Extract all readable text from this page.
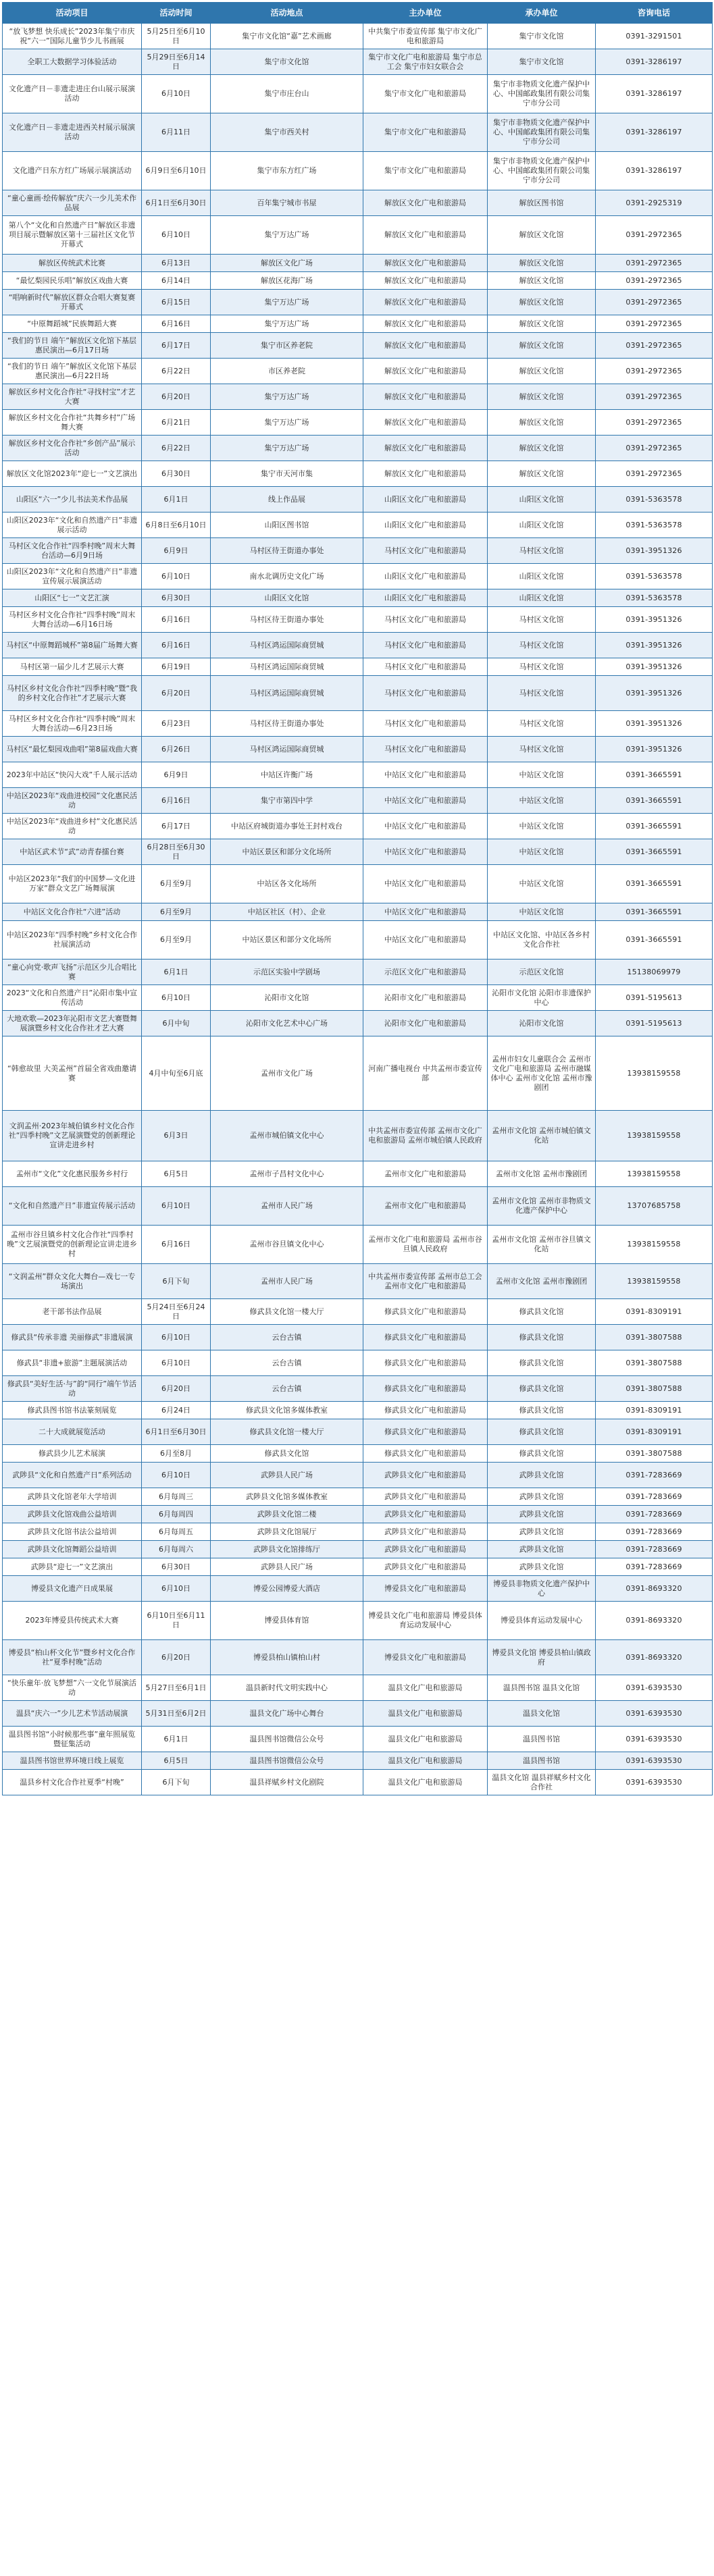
活动项目	活动时间	活动地点	主办单位	承办单位	咨询电话
“放飞梦想 快乐成长”2023年集宁市庆祝“六一”国际儿童节少儿书画展	5月25日至6月10日	集宁市文化馆“嘉”艺术画廊	中共集宁市委宣传部 集宁市文化广电和旅游局	集宁市文化馆	0391-3291501
全职工大数据学习体验活动	5月29日至6月14日	集宁市文化馆	集宁市文化广电和旅游局 集宁市总工会 集宁市妇女联合会	集宁市文化馆	0391-3286197
文化遗产日－非遗走进庄台山展示展演活动	6月10日	集宁市庄台山	集宁市文化广电和旅游局	集宁市非物质文化遗产保护中心、中国邮政集团有限公司集宁市分公司	0391-3286197
文化遗产日－非遗走进西关村展示展演活动	6月11日	集宁市西关村	集宁市文化广电和旅游局	集宁市非物质文化遗产保护中心、中国邮政集团有限公司集宁市分公司	0391-3286197
文化遗产日东方红广场展示展演活动	6月9日至6月10日	集宁市东方红广场	集宁市文化广电和旅游局	集宁市非物质文化遗产保护中心、中国邮政集团有限公司集宁市分公司	0391-3286197
“童心童画·绘传解放”庆六一少儿美术作品展	6月1日至6月30日	百年集宁城市书屋	解放区文化广电和旅游局	解放区图书馆	0391-2925319
第八个“文化和自然遗产日”解放区非遗项目展示暨解放区第十三届社区文化节开幕式	6月10日	集宁万达广场	解放区文化广电和旅游局	解放区文化馆	0391-2972365
解放区传统武术比赛	6月13日	解放区文化广场	解放区文化广电和旅游局	解放区文化馆	0391-2972365
“最忆梨园民乐唱”解放区戏曲大赛	6月14日	解放区花海广场	解放区文化广电和旅游局	解放区文化馆	0391-2972365
“唱响新时代”解放区群众合唱大赛复赛开幕式	6月15日	集宁万达广场	解放区文化广电和旅游局	解放区文化馆	0391-2972365
“中原舞蹈城”民族舞蹈大赛	6月16日	集宁万达广场	解放区文化广电和旅游局	解放区文化馆	0391-2972365
“我们的节日 端午”解放区文化馆下基层惠民演出—6月17日场	6月17日	集宁市区养老院	解放区文化广电和旅游局	解放区文化馆	0391-2972365
“我们的节日 端午”解放区文化馆下基层惠民演出—6月22日场	6月22日	市区养老院	解放区文化广电和旅游局	解放区文化馆	0391-2972365
解放区乡村文化合作社“寻找村宝”才艺大赛	6月20日	集宁万达广场	解放区文化广电和旅游局	解放区文化馆	0391-2972365
解放区乡村文化合作社“共舞乡村”广场舞大赛	6月21日	集宁万达广场	解放区文化广电和旅游局	解放区文化馆	0391-2972365
解放区乡村文化合作社“乡创产品”展示活动	6月22日	集宁万达广场	解放区文化广电和旅游局	解放区文化馆	0391-2972365
解放区文化馆2023年“迎七一”文艺演出	6月30日	集宁市天河市集	解放区文化广电和旅游局	解放区文化馆	0391-2972365
山阳区“六一”少儿书法美术作品展	6月1日	线上作品展	山阳区文化广电和旅游局	山阳区文化馆	0391-5363578
山阳区2023年“文化和自然遗产日”非遗展示活动	6月8日至6月10日	山阳区图书馆	山阳区文化广电和旅游局	山阳区文化馆	0391-5363578
马村区文化合作社“四季村晚”周末大舞台活动—6月9日场	6月9日	马村区待王街道办事处	马村区文化广电和旅游局	马村区文化馆	0391-3951326
山阳区2023年“文化和自然遗产日”非遗宣传展示展演活动	6月10日	南水北调历史文化广场	山阳区文化广电和旅游局	山阳区文化馆	0391-5363578
山阳区“七一”文艺汇演	6月30日	山阳区文化馆	山阳区文化广电和旅游局	山阳区文化馆	0391-5363578
马村区乡村文化合作社“四季村晚”周末大舞台活动—6月16日场	6月16日	马村区待王街道办事处	马村区文化广电和旅游局	马村区文化馆	0391-3951326
马村区“中原舞蹈城杯”第8届广场舞大赛	6月16日	马村区鸿运国际商贸城	马村区文化广电和旅游局	马村区文化馆	0391-3951326
马村区第一届少儿才艺展示大赛	6月19日	马村区鸿运国际商贸城	马村区文化广电和旅游局	马村区文化馆	0391-3951326
马村区乡村文化合作社“四季村晚”暨“我的乡村文化合作社”才艺展示大赛	6月20日	马村区鸿运国际商贸城	马村区文化广电和旅游局	马村区文化馆	0391-3951326
马村区乡村文化合作社“四季村晚”周末大舞台活动—6月23日场	6月23日	马村区待王街道办事处	马村区文化广电和旅游局	马村区文化馆	0391-3951326
马村区“最忆梨园戏曲唱”第8届戏曲大赛	6月26日	马村区鸿运国际商贸城	马村区文化广电和旅游局	马村区文化馆	0391-3951326
2023年中站区“快闪大戏”千人展示活动	6月9日	中站区许衡广场	中站区文化广电和旅游局	中站区文化馆	0391-3665591
中站区2023年“戏曲进校园”文化惠民活动	6月16日	集宁市第四中学	中站区文化广电和旅游局	中站区文化馆	0391-3665591
中站区2023年“戏曲进乡村”文化惠民活动	6月17日	中站区府城街道办事处王封村戏台	中站区文化广电和旅游局	中站区文化馆	0391-3665591
中站区武术节“武”动青春擂台赛	6月28日至6月30日	中站区景区和部分文化场所	中站区文化广电和旅游局	中站区文化馆	0391-3665591
中站区2023年“我们的中国梦—文化进万家”群众文艺广场舞展演	6月至9月	中站区各文化场所	中站区文化广电和旅游局	中站区文化馆	0391-3665591
中站区文化合作社“六进”活动	6月至9月	中站区社区（村）、企业	中站区文化广电和旅游局	中站区文化馆	0391-3665591
中站区2023年“四季村晚”乡村文化合作社展演活动	6月至9月	中站区景区和部分文化场所	中站区文化广电和旅游局	中站区文化馆、中站区各乡村文化合作社	0391-3665591
“童心向党·歌声飞扬”示范区少儿合唱比赛	6月1日	示范区实验中学剧场	示范区文化广电和旅游局	示范区文化馆	15138069979
2023“文化和自然遗产日”沁阳市集中宣传活动	6月10日	沁阳市文化馆	沁阳市文化广电和旅游局	沁阳市文化馆 沁阳市非遗保护中心	0391-5195613
大地欢歌—2023年沁阳市文艺大赛暨舞展演暨乡村文化合作社才艺大赛	6月中旬	沁阳市文化艺术中心广场	沁阳市文化广电和旅游局	沁阳市文化馆	0391-5195613
“韩愈故里 大美孟州”首届全省戏曲邀请赛	4月中旬至6月底	孟州市文化广场	河南广播电视台 中共孟州市委宣传部	孟州市妇女儿童联合会 孟州市文化广电和旅游局 孟州市融媒体中心 孟州市文化馆 孟州市豫剧团	13938159558
文润孟州·2023年城伯镇乡村文化合作社“四季村晚”文艺展演暨党的创新理论宣讲走进乡村	6月3日	孟州市城伯镇文化中心	中共孟州市委宣传部 孟州市文化广电和旅游局 孟州市城伯镇人民政府	孟州市文化馆 孟州市城伯镇文化站	13938159558
孟州市“文化”文化惠民服务乡村行	6月5日	孟州市子昌村文化中心	孟州市文化广电和旅游局	孟州市文化馆 孟州市豫剧团	13938159558
“文化和自然遗产日”非遗宣传展示活动	6月10日	孟州市人民广场	孟州市文化广电和旅游局	孟州市文化馆 孟州市非物质文化遗产保护中心	13707685758
孟州市谷旦镇乡村文化合作社“四季村晚”文艺展演暨党的创新理论宣讲走进乡村	6月16日	孟州市谷旦镇文化中心	孟州市文化广电和旅游局 孟州市谷旦镇人民政府	孟州市文化馆 孟州市谷旦镇文化站	13938159558
“文润孟州”群众文化大舞台—戏七一专场演出	6月下旬	孟州市人民广场	中共孟州市委宣传部 孟州市总工会 孟州市文化广电和旅游局	孟州市文化馆 孟州市豫剧团	13938159558
老干部书法作品展	5月24日至6月24日	修武县文化馆一楼大厅	修武县文化广电和旅游局	修武县文化馆	0391-8309191
修武县“传承非遗 美丽修武”非遗展演	6月10日	云台古镇	修武县文化广电和旅游局	修武县文化馆	0391-3807588
修武县“非遗+旅游”主题展演活动	6月10日	云台古镇	修武县文化广电和旅游局	修武县文化馆	0391-3807588
修武县“美好生活·与”韵“同行”端午节活动	6月20日	云台古镇	修武县文化广电和旅游局	修武县文化馆	0391-3807588
修武县图书馆书法篆刻展览	6月24日	修武县文化馆多媒体教室	修武县文化广电和旅游局	修武县文化馆	0391-8309191
二十大成就展览活动	6月1日至6月30日	修武县文化馆一楼大厅	修武县文化广电和旅游局	修武县文化馆	0391-8309191
修武县少儿艺术展演	6月至8月	修武县文化馆	修武县文化广电和旅游局	修武县文化馆	0391-3807588
武陟县“文化和自然遗产日”系列活动	6月10日	武陟县人民广场	武陟县文化广电和旅游局	武陟县文化馆	0391-7283669
武陟县文化馆老年大学培训	6月每周三	武陟县文化馆多媒体教室	武陟县文化广电和旅游局	武陟县文化馆	0391-7283669
武陟县文化馆戏曲公益培训	6月每周四	武陟县文化馆二楼	武陟县文化广电和旅游局	武陟县文化馆	0391-7283669
武陟县文化馆书法公益培训	6月每周五	武陟县文化馆展厅	武陟县文化广电和旅游局	武陟县文化馆	0391-7283669
武陟县文化馆舞蹈公益培训	6月每周六	武陟县文化馆排练厅	武陟县文化广电和旅游局	武陟县文化馆	0391-7283669
武陟县“迎七一”文艺演出	6月30日	武陟县人民广场	武陟县文化广电和旅游局	武陟县文化馆	0391-7283669
博爱县文化遗产日成果展	6月10日	博爱公园博爱大酒店	博爱县文化广电和旅游局	博爱县非物质文化遗产保护中心	0391-8693320
2023年博爱县传统武术大赛	6月10日至6月11日	博爱县体育馆	博爱县文化广电和旅游局 博爱县体育运动发展中心	博爱县体育运动发展中心	0391-8693320
博爱县“柏山杯文化节”暨乡村文化合作社“夏季村晚”活动	6月20日	博爱县柏山镇柏山村	博爱县文化广电和旅游局	博爱县文化馆 博爱县柏山镇政府	0391-8693320
“快乐童年·放飞梦想”六一文化节展演活动	5月27日至6月1日	温县新时代文明实践中心	温县文化广电和旅游局	温县图书馆 温县文化馆	0391-6393530
温县“庆六一”少儿艺术节活动展演	5月31日至6月2日	温县文化广场中心舞台	温县文化广电和旅游局	温县文化馆	0391-6393530
温县图书馆“小时候那些事”童年照展览暨征集活动	6月1日	温县图书馆微信公众号	温县文化广电和旅游局	温县图书馆	0391-6393530
温县图书馆世界环境日线上展览	6月5日	温县图书馆微信公众号	温县文化广电和旅游局	温县图书馆	0391-6393530
温县乡村文化合作社夏季“村晚”	6月下旬	温县祥赋乡村文化剧院	温县文化广电和旅游局	温县文化馆 温县祥赋乡村文化合作社	0391-6393530
